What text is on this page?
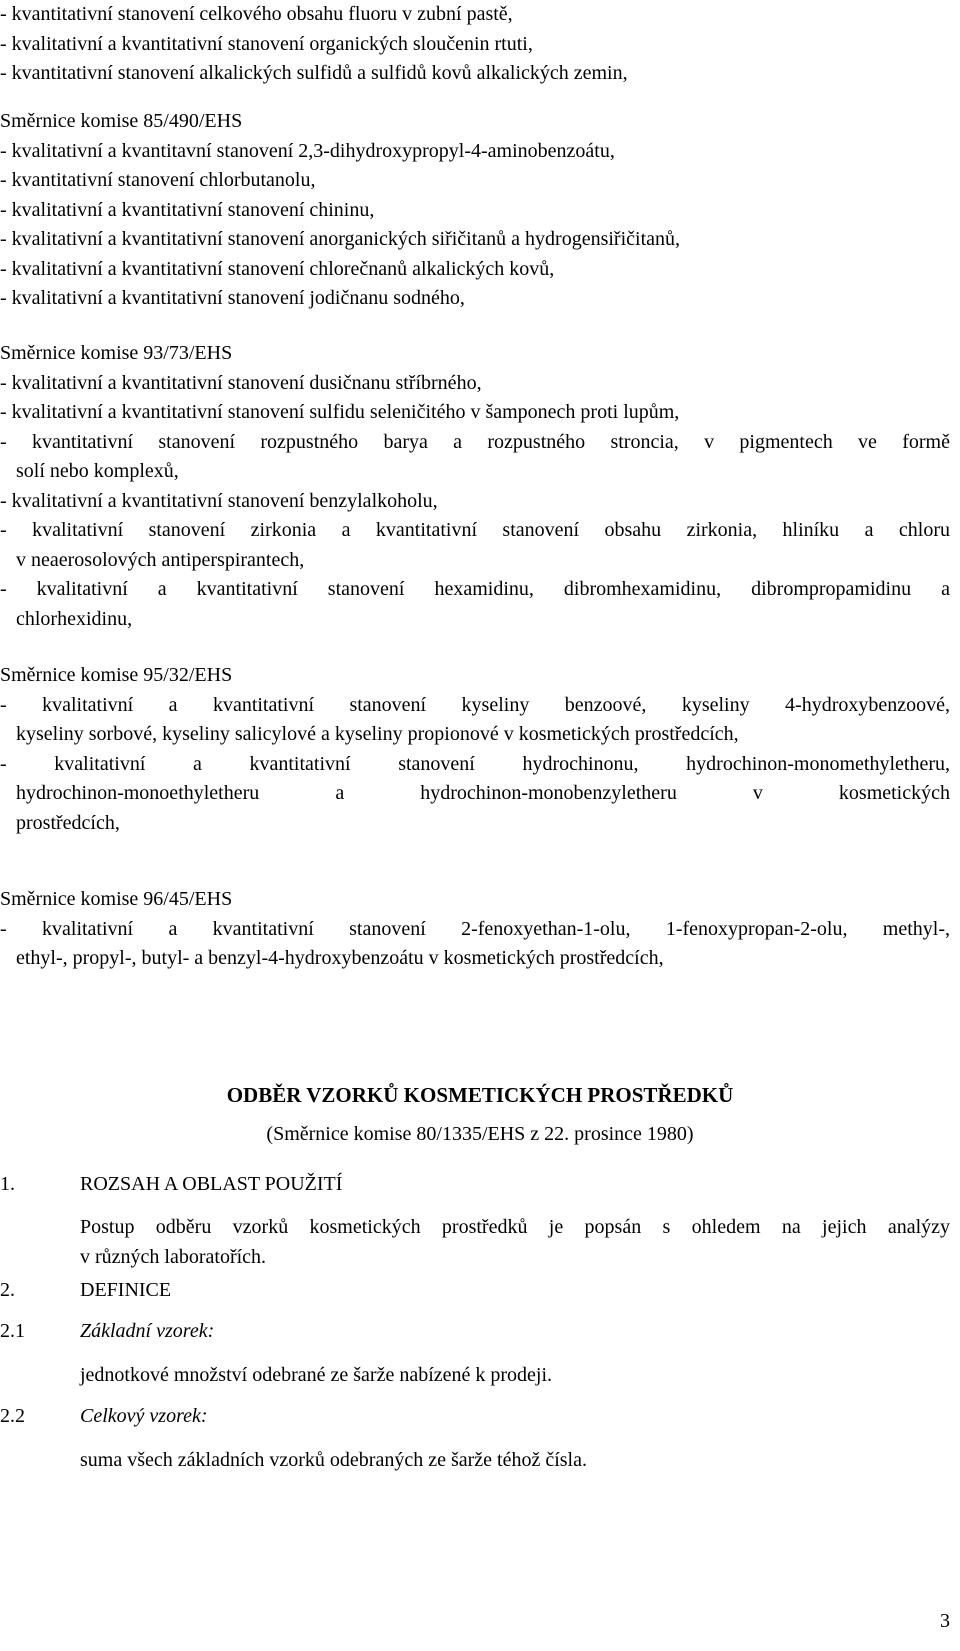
- kvantitativní stanovení celkového obsahu fluoru v zubní pastě,
- kvalitativní a kvantitativní stanovení organických sloučenin rtuti,
- kvantitativní stanovení alkalických sulfidů a sulfidů kovů alkalických zemin,
Směrnice komise 85/490/EHS
- kvalitativní a kvantitavní stanovení 2,3-dihydroxypropyl-4-aminobenzoátu,
- kvantitativní stanovení chlorbutanolu,
- kvalitativní a kvantitativní stanovení chininu,
- kvalitativní a kvantitativní stanovení anorganických siřičitanů a hydrogensiřičitanů,
- kvalitativní a kvantitativní stanovení chlorečnanů alkalických kovů,
- kvalitativní a kvantitativní stanovení jodičnanu sodného,
Směrnice komise 93/73/EHS
- kvalitativní a kvantitativní stanovení dusičnanu stříbrného,
- kvalitativní a kvantitativní stanovení sulfidu seleničitého v šamponech proti lupům,
- kvantitativní stanovení rozpustného barya a rozpustného stroncia, v pigmentech ve formě
solí nebo komplexů,
- kvalitativní a kvantitativní stanovení benzylalkoholu,
- kvalitativní stanovení zirkonia a kvantitativní stanovení obsahu zirkonia, hliníku a chloru
v neaerosolových antiperspirantech,
- kvalitativní a kvantitativní stanovení hexamidinu, dibromhexamidinu, dibrompropamidinu a
chlorhexidinu,
Směrnice komise 95/32/EHS
- kvalitativní a kvantitativní stanovení kyseliny benzoové, kyseliny 4-hydroxybenzoové,
kyseliny sorbové, kyseliny salicylové a kyseliny propionové v kosmetických prostředcích,
- kvalitativní a kvantitativní stanovení hydrochinonu, hydrochinon-monomethyletheru,
hydrochinon-monoethyletheru a hydrochinon-monobenzyletheru v kosmetických
prostředcích,
Směrnice komise 96/45/EHS
- kvalitativní a kvantitativní stanovení 2-fenoxyethan-1-olu, 1-fenoxypropan-2-olu, methyl-,
ethyl-, propyl-, butyl- a benzyl-4-hydroxybenzoátu v kosmetických prostředcích,
ODBĚR VZORKŮ KOSMETICKÝCH PROSTŘEDKŮ
(Směrnice komise 80/1335/EHS z 22. prosince 1980)
1.	ROZSAH A OBLAST POUŽITÍ
Postup odběru vzorků kosmetických prostředků je popsán s ohledem na jejich analýzy
v různých laboratořích.
2.	DEFINICE
2.1	Základní vzorek:
jednotkové množství odebrané ze šarže nabízené k prodeji.
2.2	Celkový vzorek:
suma všech základních vzorků odebraných ze šarže téhož čísla.
3
